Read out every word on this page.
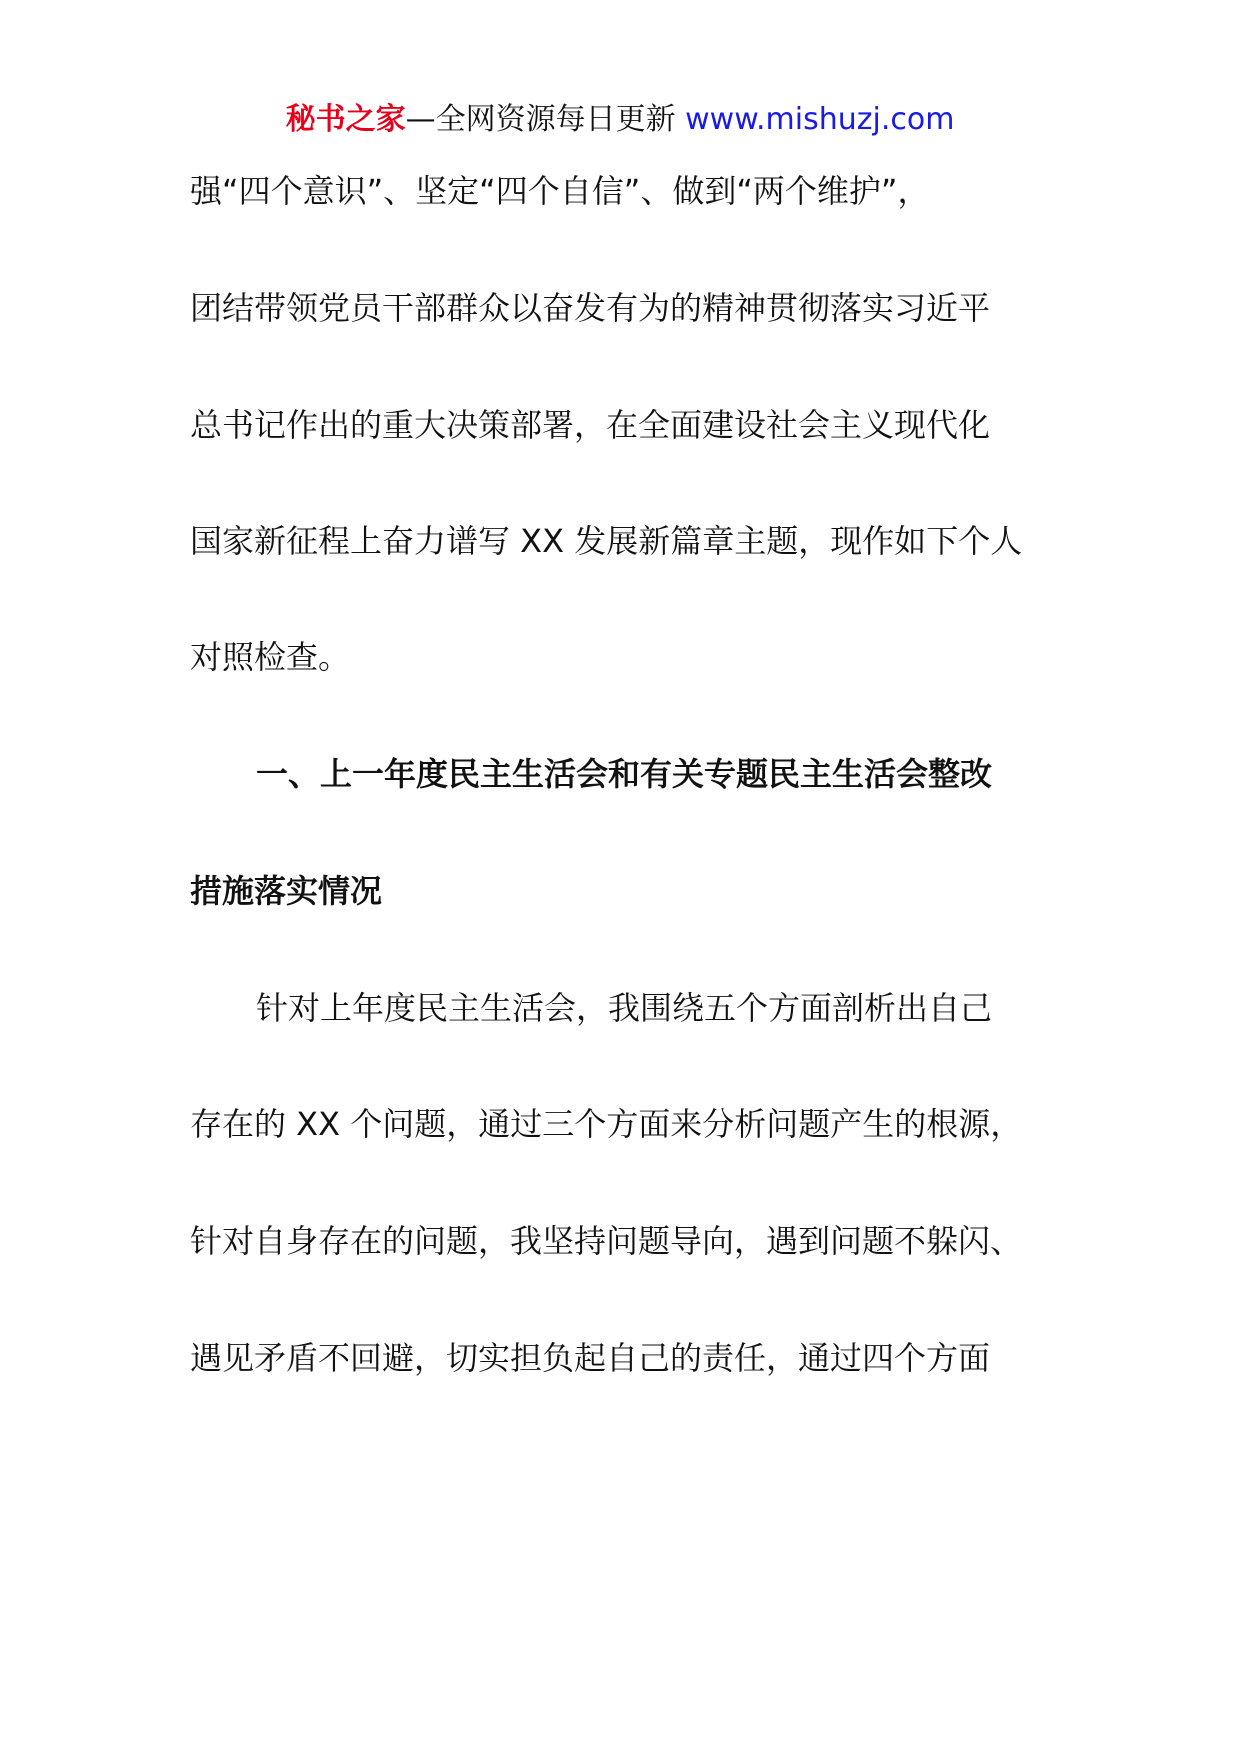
秘书之家—全网资源每日更新 www.mishuzj.com
强“四个意识”、坚定“四个自信”、做到“两个维护”，
团结带领党员干部群众以奋发有为的精神贯彻落实习近平
总书记作出的重大决策部署，在全面建设社会主义现代化
国家新征程上奋力谱写 XX 发展新篇章主题，现作如下个人
对照检查。
一、上一年度民主生活会和有关专题民主生活会整改
措施落实情况
针对上年度民主生活会，我围绕五个方面剖析出自己
存在的 XX 个问题，通过三个方面来分析问题产生的根源，
针对自身存在的问题，我坚持问题导向，遇到问题不躲闪、
遇见矛盾不回避，切实担负起自己的责任，通过四个方面
